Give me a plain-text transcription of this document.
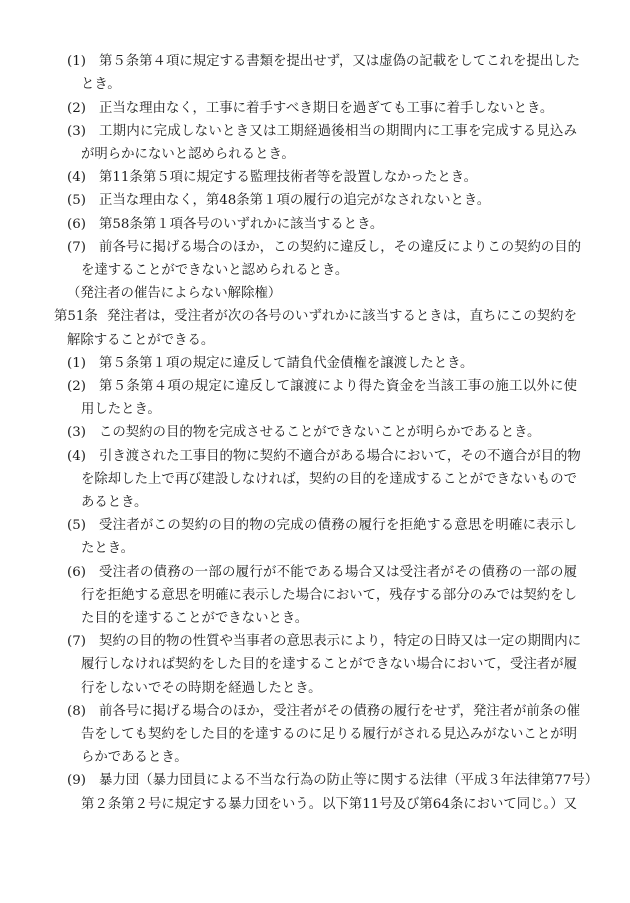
(1) 第５条第４項に規定する書類を提出せず，又は虚偽の記載をしてこれを提出した
とき。
(2) 正当な理由なく，工事に着手すべき期日を過ぎても工事に着手しないとき。
(3) 工期内に完成しないとき又は工期経過後相当の期間内に工事を完成する見込み
が明らかにないと認められるとき。
(4) 第11条第５項に規定する監理技術者等を設置しなかったとき。
(5) 正当な理由なく，第48条第１項の履行の追完がなされないとき。
(6) 第58条第１項各号のいずれかに該当するとき。
(7) 前各号に掲げる場合のほか，この契約に違反し，その違反によりこの契約の目的
を達することができないと認められるとき。
（発注者の催告によらない解除権）
第51条 発注者は，受注者が次の各号のいずれかに該当するときは，直ちにこの契約を
解除することができる。
(1) 第５条第１項の規定に違反して請負代金債権を譲渡したとき。
(2) 第５条第４項の規定に違反して譲渡により得た資金を当該工事の施工以外に使
用したとき。
(3) この契約の目的物を完成させることができないことが明らかであるとき。
(4) 引き渡された工事目的物に契約不適合がある場合において，その不適合が目的物
を除却した上で再び建設しなければ，契約の目的を達成することができないもので
あるとき。
(5) 受注者がこの契約の目的物の完成の債務の履行を拒絶する意思を明確に表示し
たとき。
(6) 受注者の債務の一部の履行が不能である場合又は受注者がその債務の一部の履
行を拒絶する意思を明確に表示した場合において，残存する部分のみでは契約をし
た目的を達することができないとき。
(7) 契約の目的物の性質や当事者の意思表示により，特定の日時又は一定の期間内に
履行しなければ契約をした目的を達することができない場合において，受注者が履
行をしないでその時期を経過したとき。
(8) 前各号に掲げる場合のほか，受注者がその債務の履行をせず，発注者が前条の催
告をしても契約をした目的を達するのに足りる履行がされる見込みがないことが明
らかであるとき。
(9) 暴力団（暴力団員による不当な行為の防止等に関する法律（平成３年法律第77号）
第２条第２号に規定する暴力団をいう。以下第11号及び第64条において同じ。）又
